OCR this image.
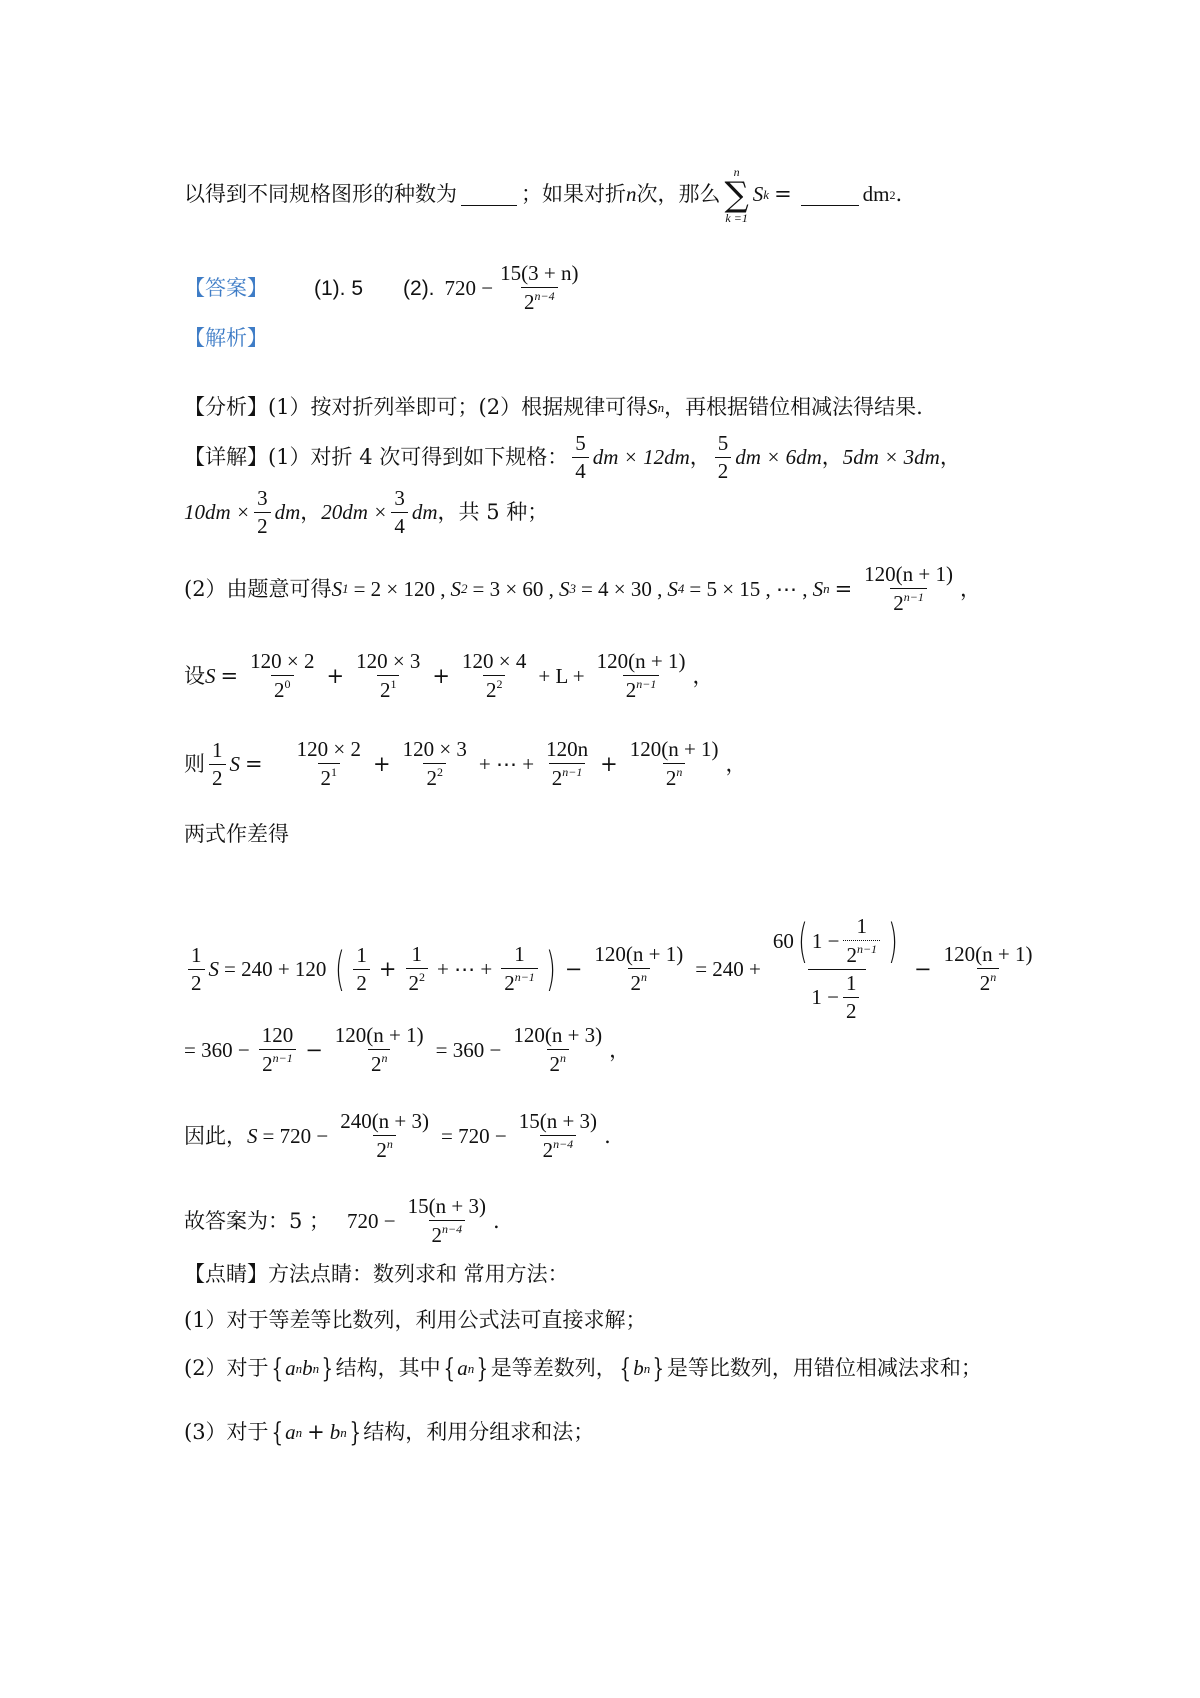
以得到不同规格图形的种数为	；如果对折 n 次，那么
n
∑
k =1
S k =	dm 2 .
【答案】 (1). 5 (2). $720 - \frac{15(3 + n)}{2^{n-4}}$
【解析】
【分析】(1）按对折列举即可；(2）根据规律可得 S n ，再根据错位相减法得结果.
【详解】(1）对折 4 次可得到如下规格： $\frac{5}{4}$ dm × 12dm ， $\frac{5}{2}$ dm × 6dm ， 5dm × 3dm ，
$10dm \times \frac{3}{2}$ dm ， $20dm \times \frac{3}{4}$ dm ，共 5 种；
(2）由题意可得 S 1 = 2 × 120 , S 2 = 3 × 60 , S 3 = 4 × 30 , S 4 = 5 × 15 , ⋯ , S $n = \frac{120(n + 1)}{2^{n-1}}$ ，
设 $S = \frac{120 \times 2}{2^0} + \frac{120 \times 3}{2^1} + \frac{120 \times 4}{2^2} + L + \frac{120(n + 1)}{2^{n-1}}$ ，
则 $\frac{1}{2}$ $S = \frac{120 \times 2}{2^1} + \frac{120 \times 3}{2^2}$ + ⋯ + $\frac{120n}{2^{n-1}} + \frac{120(n + 1)}{2^n}$ ，
两式作差得
$\frac{1}{2}$ S = 240 + 120 ( $\frac{1}{2} + \frac{1}{2^2}$ + ⋯ + $\frac{1}{2^{n-1}}$ ) − $\frac{120(n + 1)}{2^n} = 240 + \frac{60 ( 1 - \frac{1}{2^{n-1}} )}{1 - \frac{1}{2}} - \frac{120(n + 1)}{2^n}$
= $360 - \frac{120}{2^{n-1}} - \frac{120(n + 1)}{2^n} = 360 - \frac{120(n + 3)}{2^n}$ ，
因此， $S = 720 - \frac{240(n + 3)}{2^n} = 720 - \frac{15(n + 3)}{2^{n-4}}$ .
故答案为：5 ； $720 - \frac{15(n + 3)}{2^{n-4}}$ .
【点睛】方法点睛：数列求和 常用方法：
(1）对于等差等比数列，利用公式法可直接求解；
(2）对于 { a n b n } 结构，其中 { a n } 是等差数列， { b n } 是等比数列，用错位相减法求和；
(3）对于 { a n + b n } 结构，利用分组求和法；
